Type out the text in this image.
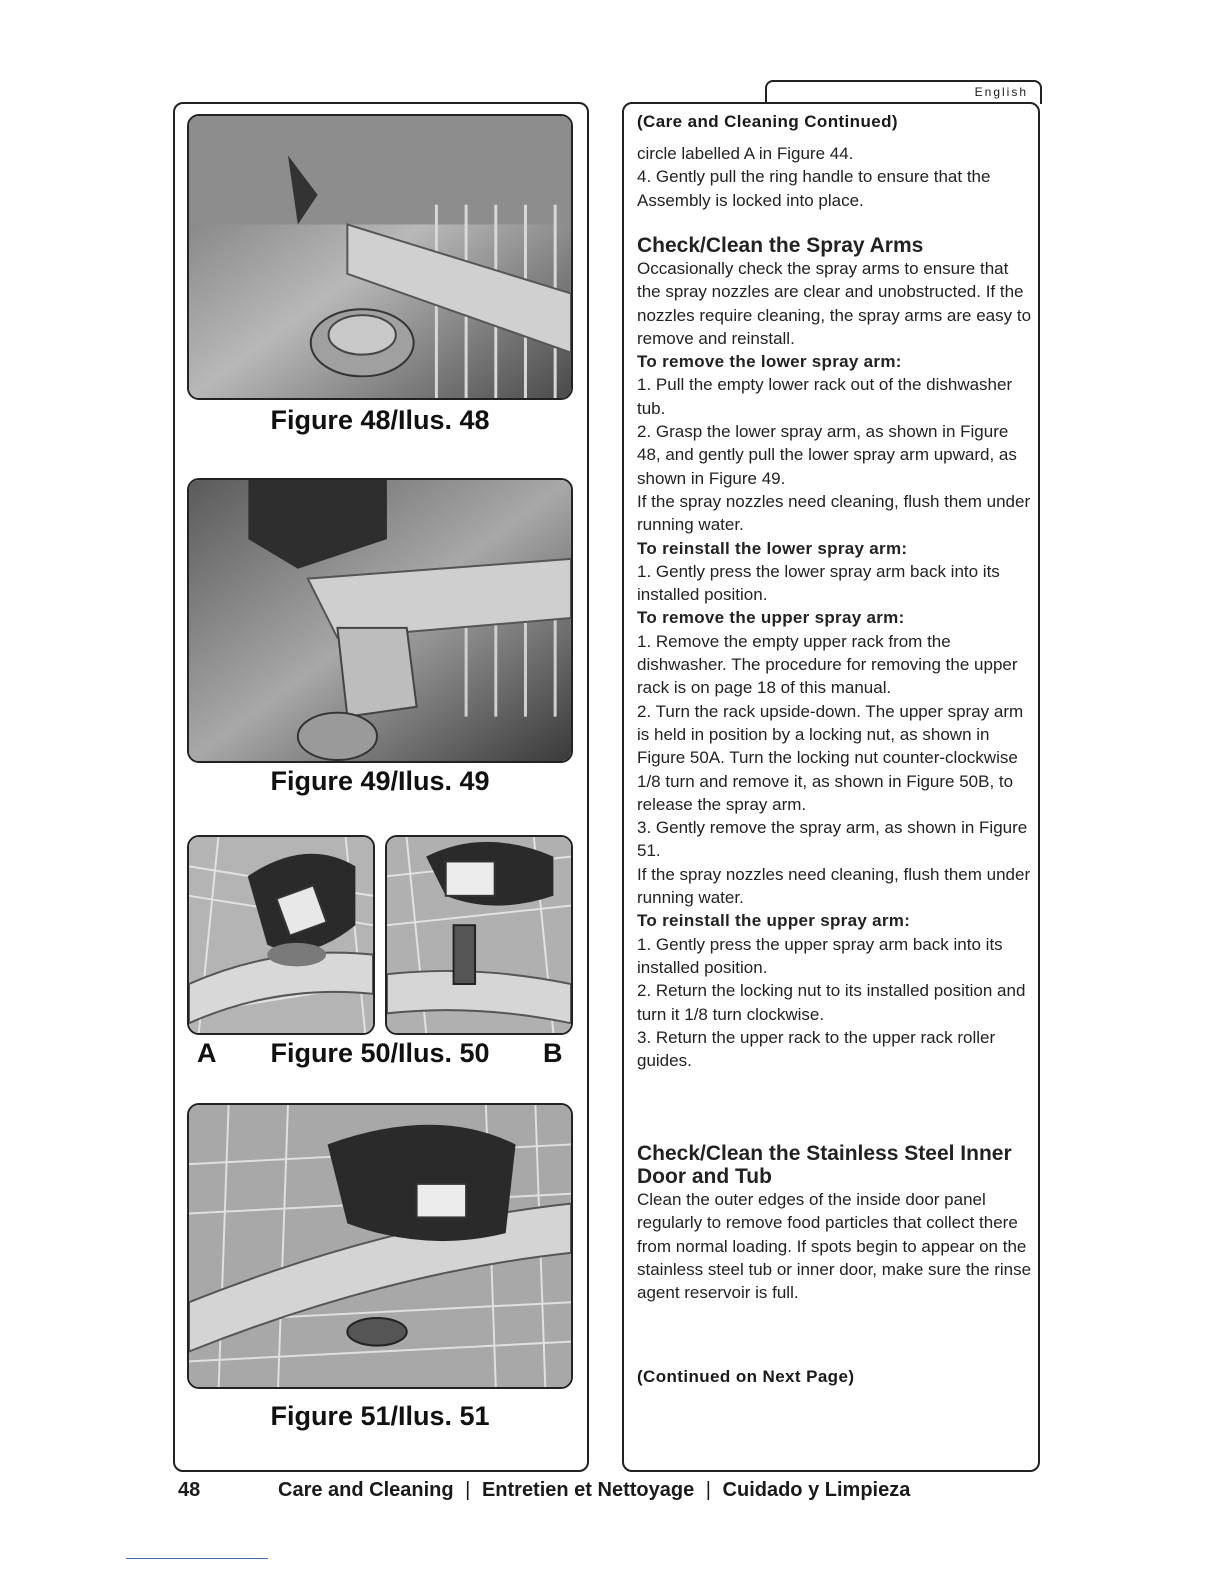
English
Figure 48/Ilus. 48
Figure 49/Ilus. 49
A	Figure 50/Ilus. 50	B
Figure 51/Ilus. 51

(Care and Cleaning Continued)

circle labelled A in Figure 44.

4. Gently pull the ring handle to ensure that the Assembly is locked into place.

Check/Clean the Spray Arms

Occasionally check the spray arms to ensure that the spray nozzles are clear and unobstructed. If the nozzles require cleaning, the spray arms are easy to remove and reinstall.

To remove the lower spray arm:

1. Pull the empty lower rack out of the dishwasher tub.

2. Grasp the lower spray arm, as shown in Figure 48, and gently pull the lower spray arm upward, as shown in Figure 49.

If the spray nozzles need cleaning, flush them under running water.

To reinstall the lower spray arm:

1. Gently press the lower spray arm back into its installed position.

To remove the upper spray arm:

1. Remove the empty upper rack from the dishwasher. The procedure for removing the upper rack is on page 18 of this manual.

2. Turn the rack upside-down. The upper spray arm is held in position by a locking nut, as shown in Figure 50A. Turn the locking nut counter-clockwise 1/8 turn and remove it, as shown in Figure 50B, to release the spray arm.

3. Gently remove the spray arm, as shown in Figure 51.

If the spray nozzles need cleaning, flush them under running water.

To reinstall the upper spray arm:

1. Gently press the upper spray arm back into its installed position.

2. Return the locking nut to its installed position and turn it 1/8 turn clockwise.

3. Return the upper rack to the upper rack roller guides.

Check/Clean the Stainless Steel Inner Door and Tub

Clean the outer edges of the inside door panel regularly to remove food particles that collect there from normal loading. If spots begin to appear on the stainless steel tub or inner door, make sure the rinse agent reservoir is full.

(Continued on Next Page)

48	Care and Cleaning | Entretien et Nettoyage | Cuidado y Limpieza
